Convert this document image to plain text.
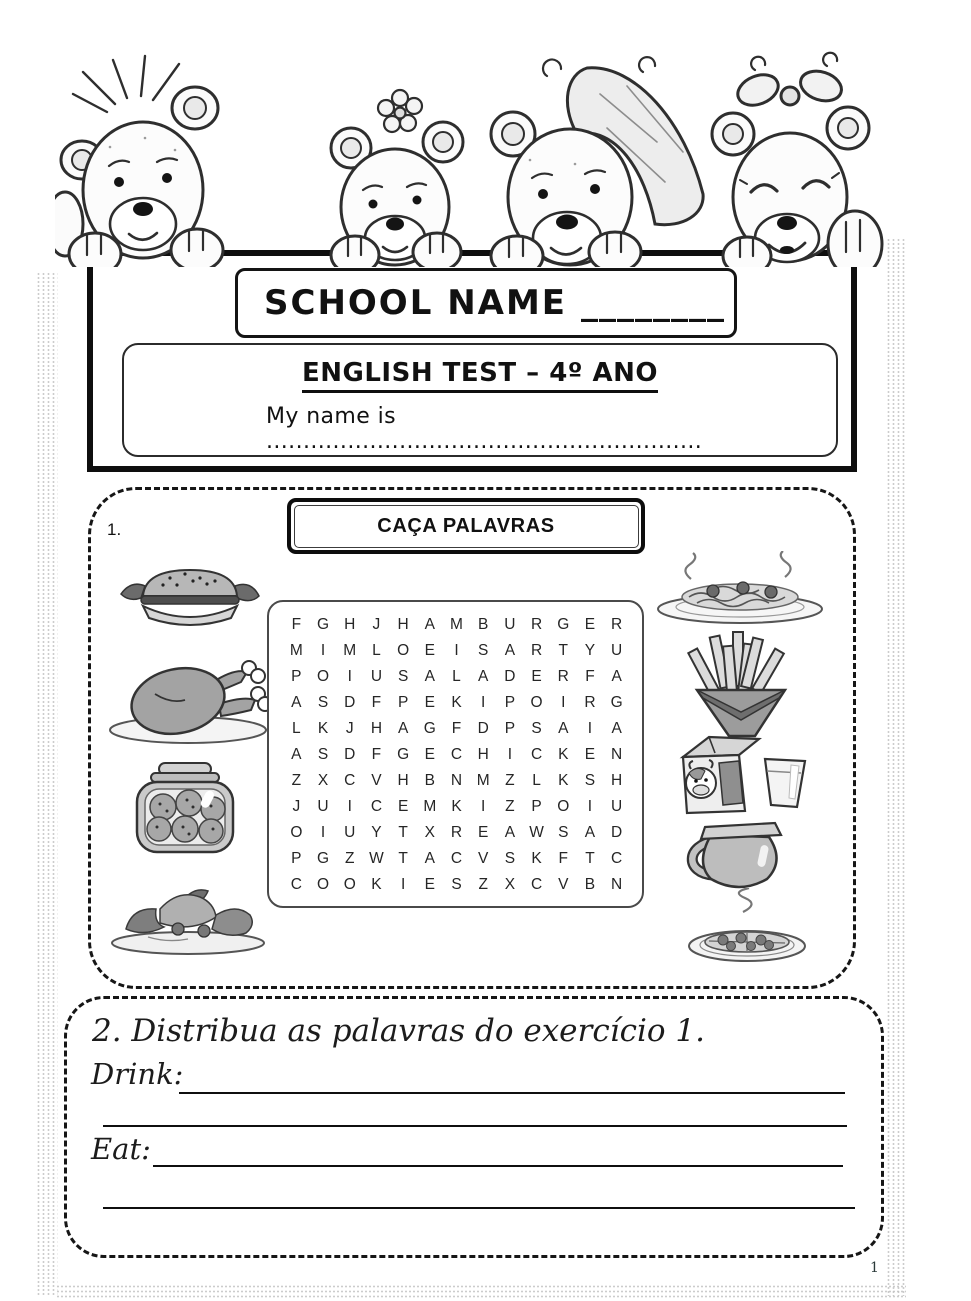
SCHOOL NAME ________
ENGLISH TEST – 4º ANO
My name is ...........................................................
1.	CAÇA PALAVRAS
F	G H	J	H	A M B	U	R G E	R
M	I	M	L	O E	I	S	A	R	T	Y	U
P O	I	U	S	A	L	A	D	E	R	F	A
A	S	D	F	P	E	K	I	P O	I	R G
L	K	J	H	A G	F	D	P	S	A	I	A
A	S	D	F	G E	C H	I	C	K	E	N
Z	X	C	V	H	B	N M	Z	L	K	S	H
J	U	I	C	E M K	I	Z	P	O	I	U
O	I	U	Y	T	X	R	E	A W S	A	D
P G	Z W T	A	C	V	S	K	F	T	C
C O O K	I	E	S	Z	X	C	V	B	N
2. Distribua as palavras do exercício 1.
Drink:
Eat:
1
